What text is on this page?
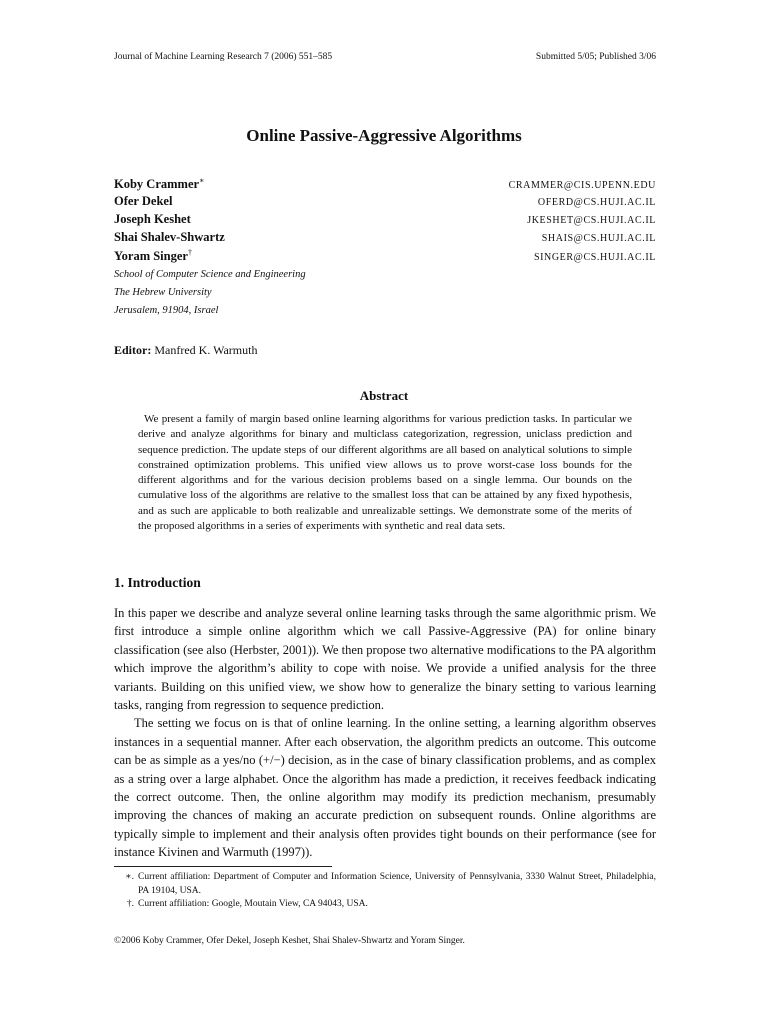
Journal of Machine Learning Research 7 (2006) 551–585	Submitted 5/05; Published 3/06
Online Passive-Aggressive Algorithms
Koby Crammer∗	CRAMMER@CIS.UPENN.EDU
Ofer Dekel	OFERD@CS.HUJI.AC.IL
Joseph Keshet	JKESHET@CS.HUJI.AC.IL
Shai Shalev-Shwartz	SHAIS@CS.HUJI.AC.IL
Yoram Singer†	SINGER@CS.HUJI.AC.IL
School of Computer Science and Engineering
The Hebrew University
Jerusalem, 91904, Israel
Editor: Manfred K. Warmuth
Abstract
We present a family of margin based online learning algorithms for various prediction tasks. In particular we derive and analyze algorithms for binary and multiclass categorization, regression, uniclass prediction and sequence prediction. The update steps of our different algorithms are all based on analytical solutions to simple constrained optimization problems. This unified view allows us to prove worst-case loss bounds for the different algorithms and for the various decision problems based on a single lemma. Our bounds on the cumulative loss of the algorithms are relative to the smallest loss that can be attained by any fixed hypothesis, and as such are applicable to both realizable and unrealizable settings. We demonstrate some of the merits of the proposed algorithms in a series of experiments with synthetic and real data sets.
1. Introduction

In this paper we describe and analyze several online learning tasks through the same algorithmic prism. We first introduce a simple online algorithm which we call Passive-Aggressive (PA) for online binary classification (see also (Herbster, 2001)). We then propose two alternative modifications to the PA algorithm which improve the algorithm’s ability to cope with noise. We provide a unified analysis for the three variants. Building on this unified view, we show how to generalize the binary setting to various learning tasks, ranging from regression to sequence prediction.

The setting we focus on is that of online learning. In the online setting, a learning algorithm observes instances in a sequential manner. After each observation, the algorithm predicts an outcome. This outcome can be as simple as a yes/no (+/−) decision, as in the case of binary classification problems, and as complex as a string over a large alphabet. Once the algorithm has made a prediction, it receives feedback indicating the correct outcome. Then, the online algorithm may modify its prediction mechanism, presumably improving the chances of making an accurate prediction on subsequent rounds. Online algorithms are typically simple to implement and their analysis often provides tight bounds on their performance (see for instance Kivinen and Warmuth (1997)).

∗. Current affiliation: Department of Computer and Information Science, University of Pennsylvania, 3330 Walnut Street, Philadelphia, PA 19104, USA.
†. Current affiliation: Google, Moutain View, CA 94043, USA.
©2006 Koby Crammer, Ofer Dekel, Joseph Keshet, Shai Shalev-Shwartz and Yoram Singer.
